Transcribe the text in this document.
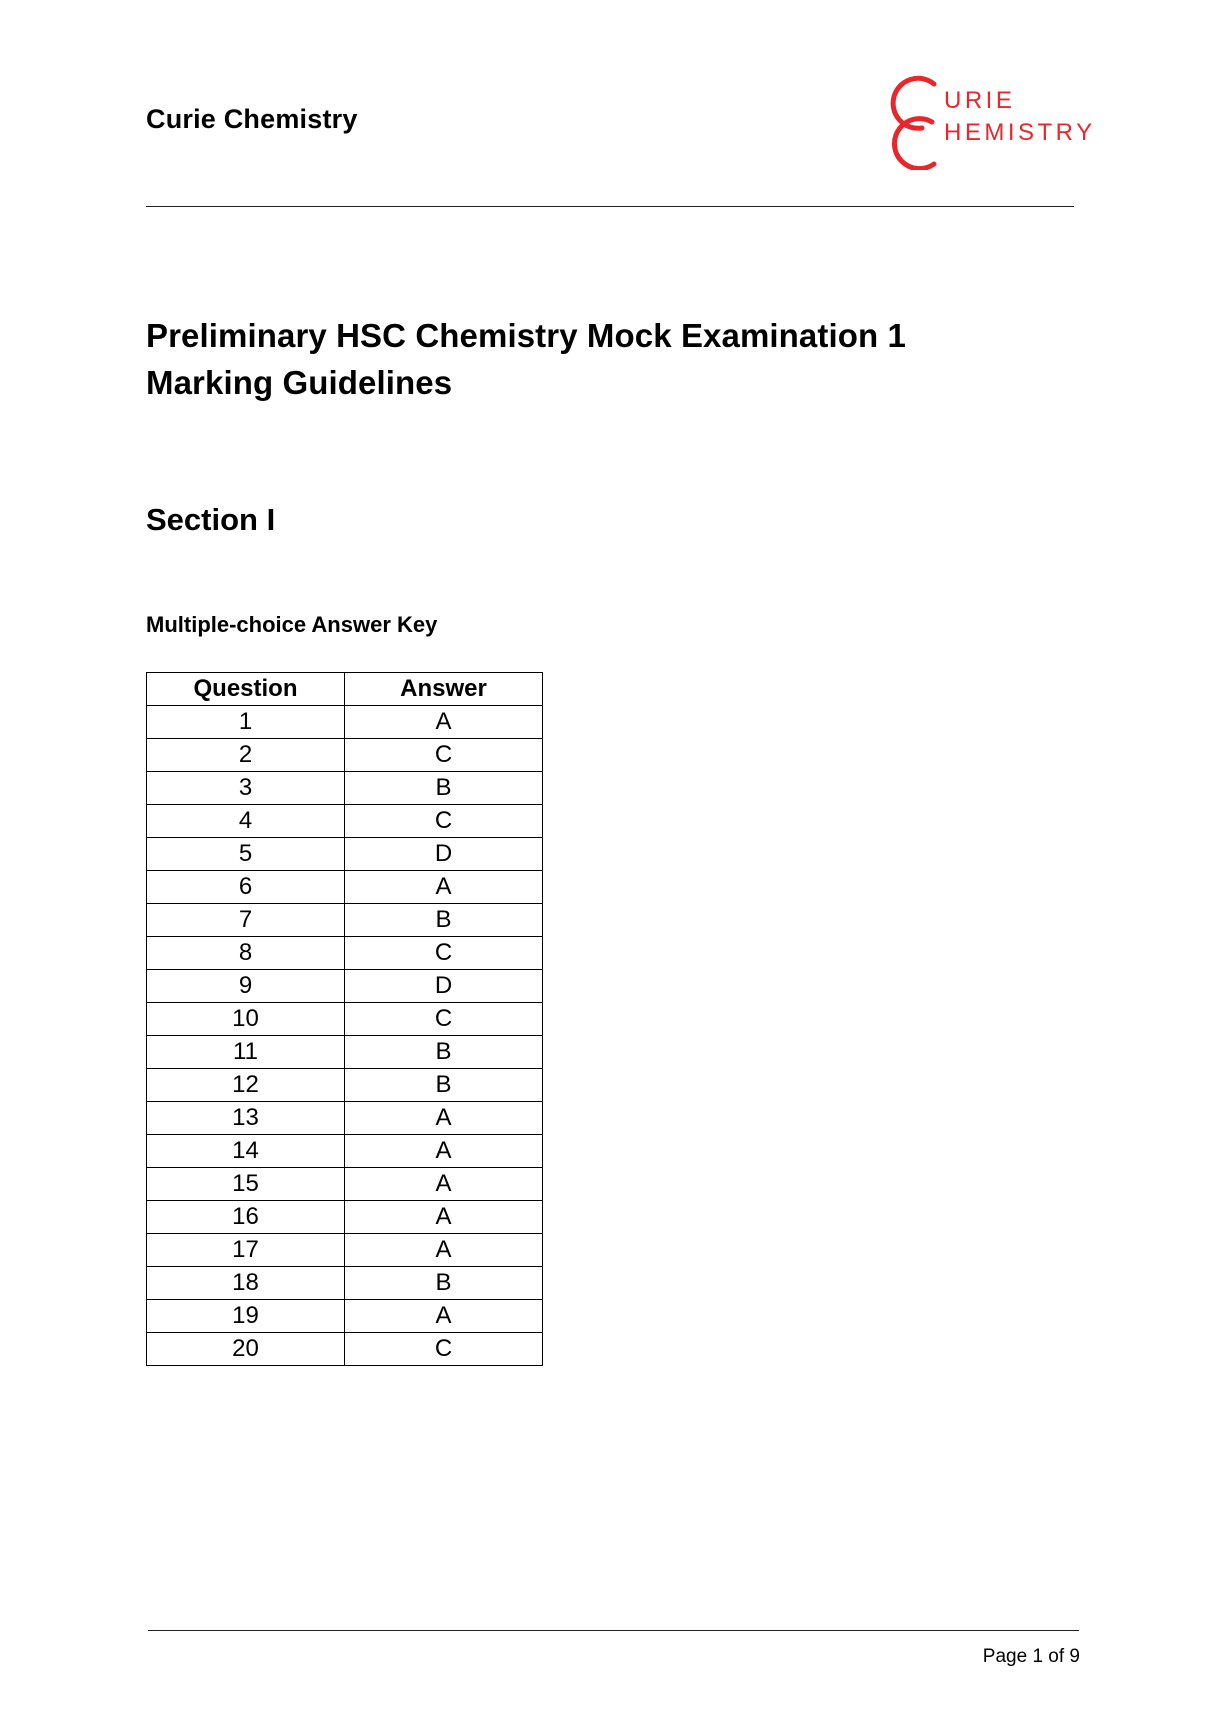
Curie Chemistry
URIE
HEMISTRY
Preliminary HSC Chemistry Mock Examination 1
Marking Guidelines
Section I
Multiple-choice Answer Key
Question	Answer
1	A
2	C
3	B
4	C
5	D
6	A
7	B
8	C
9	D
10	C
11	B
12	B
13	A
14	A
15	A
16	A
17	A
18	B
19	A
20	C
Page 1 of 9
